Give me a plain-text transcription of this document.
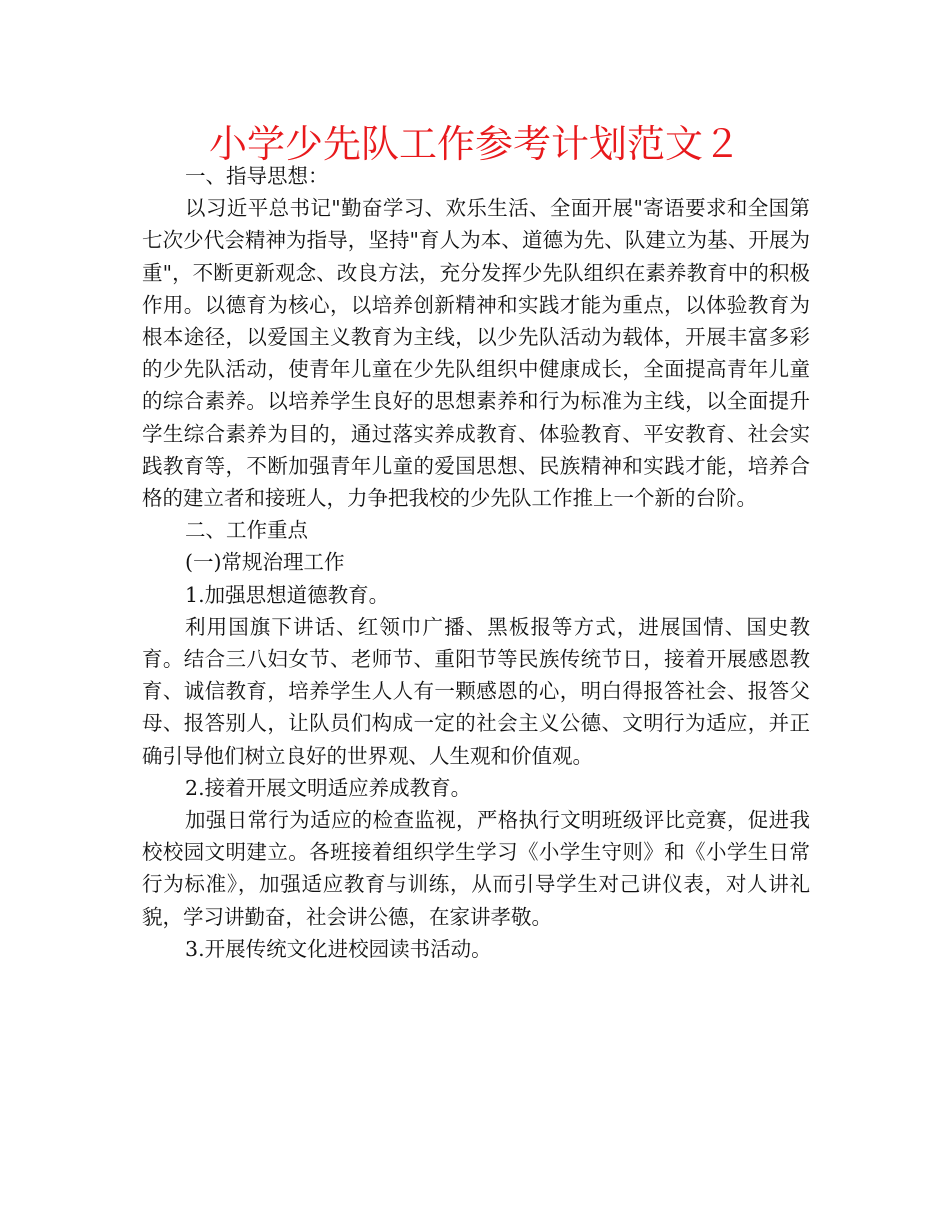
小学少先队工作参考计划范文２

一、指导思想：

以习近平总书记"勤奋学习、欢乐生活、全面开展"寄语要求和全国第七次少代会精神为指导，坚持"育人为本、道德为先、队建立为基、开展为重"，不断更新观念、改良方法，充分发挥少先队组织在素养教育中的积极作用。以德育为核心，以培养创新精神和实践才能为重点，以体验教育为根本途径，以爱国主义教育为主线，以少先队活动为载体，开展丰富多彩的少先队活动，使青年儿童在少先队组织中健康成长，全面提高青年儿童的综合素养。以培养学生良好的思想素养和行为标准为主线，以全面提升学生综合素养为目的，通过落实养成教育、体验教育、平安教育、社会实践教育等，不断加强青年儿童的爱国思想、民族精神和实践才能，培养合格的建立者和接班人，力争把我校的少先队工作推上一个新的台阶。

二、工作重点

(一)常规治理工作

1.加强思想道德教育。

利用国旗下讲话、红领巾广播、黑板报等方式，进展国情、国史教育。结合三八妇女节、老师节、重阳节等民族传统节日，接着开展感恩教育、诚信教育，培养学生人人有一颗感恩的心，明白得报答社会、报答父母、报答别人，让队员们构成一定的社会主义公德、文明行为适应，并正确引导他们树立良好的世界观、人生观和价值观。

2.接着开展文明适应养成教育。

加强日常行为适应的检查监视，严格执行文明班级评比竞赛，促进我校校园文明建立。各班接着组织学生学习《小学生守则》和《小学生日常行为标准》，加强适应教育与训练，从而引导学生对己讲仪表，对人讲礼貌，学习讲勤奋，社会讲公德，在家讲孝敬。

3.开展传统文化进校园读书活动。
